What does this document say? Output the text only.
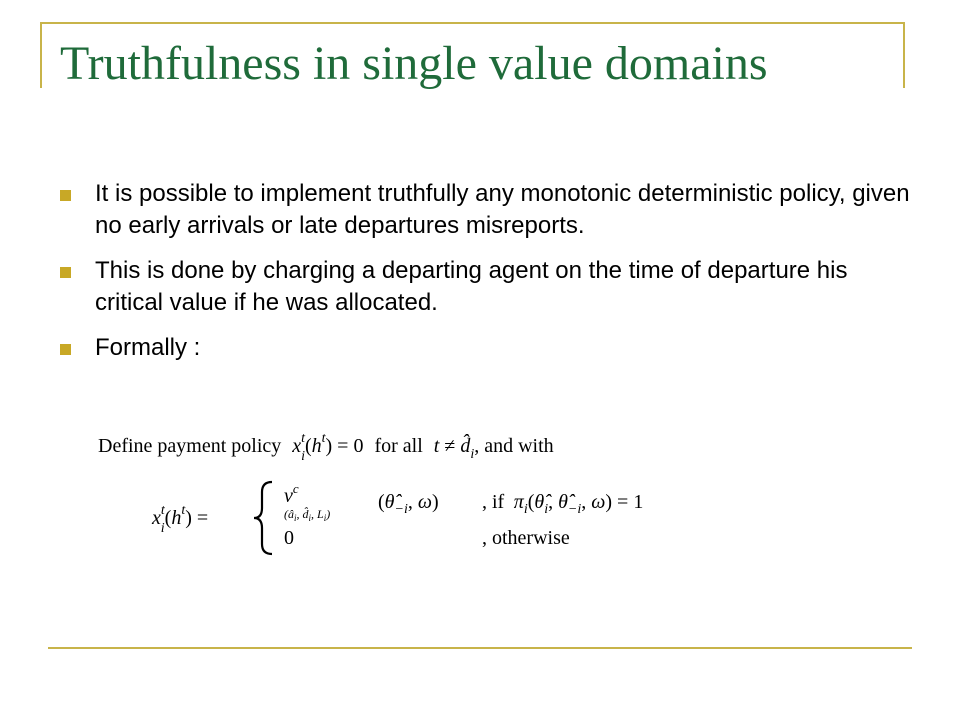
Truthfulness in single value domains
It is possible to implement truthfully any monotonic deterministic policy, given no early arrivals or late departures misreports.
This is done by charging a departing agent on the time of departure his critical value if he was allocated.
Formally :
Define payment policy $x^t$ $i(h^t) = 0$ for all $t \ne d̂_i$, and with
$x^t$ $i(h^t)$ =
$v^c$
($â_i$, $d̂_i$, $L_i$)
($\thetâ_{-i}$, ω) , if $\pi_i(\thetâ_i$, $\thetâ_{-i}$, ω) = 1
0	, otherwise
